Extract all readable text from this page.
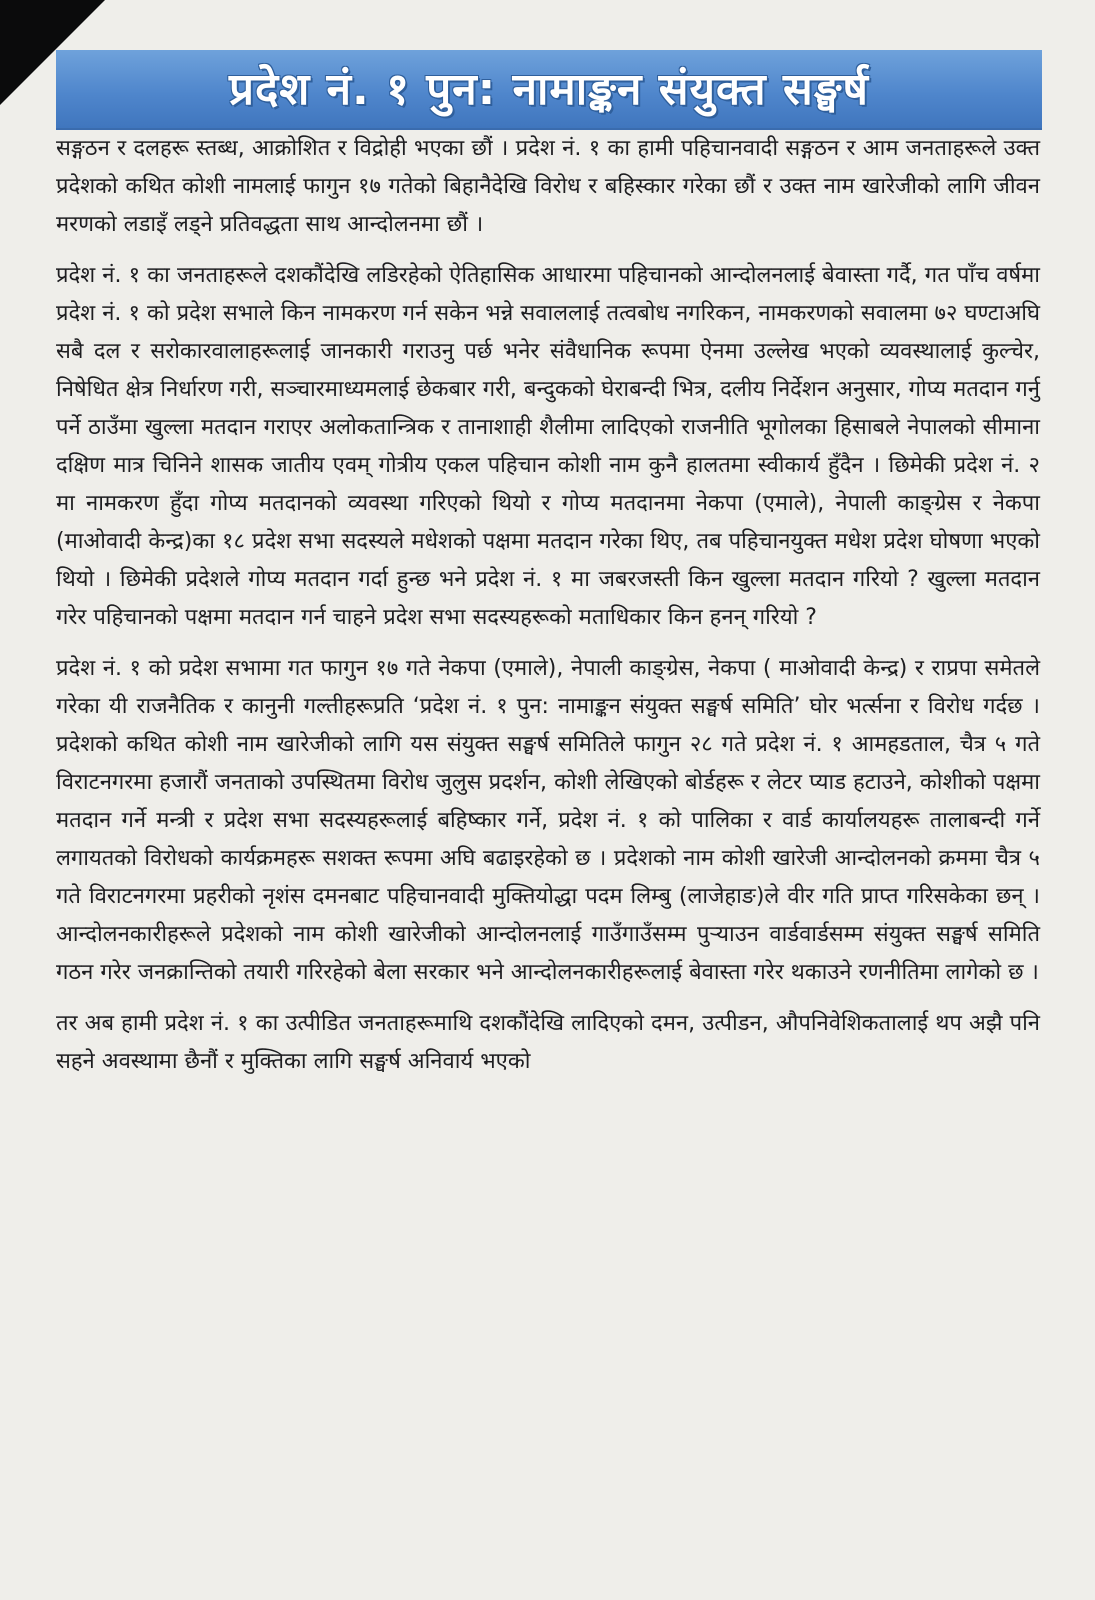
प्रदेश नं. १ पुन: नामाङ्कन संयुक्त सङ्घर्ष

सङ्गठन र दलहरू स्तब्ध, आक्रोशित र विद्रोही भएका छौं । प्रदेश नं. १ का हामी पहिचानवादी सङ्गठन र आम जनताहरूले उक्त प्रदेशको कथित कोशी नामलाई फागुन १७ गतेको बिहानैदेखि विरोध र बहिस्कार गरेका छौं र उक्त नाम खारेजीको लागि जीवन मरणको लडाइँ लड्ने प्रतिवद्धता साथ आन्दोलनमा छौं ।

प्रदेश नं. १ का जनताहरूले दशकौंदेखि लडिरहेको ऐतिहासिक आधारमा पहिचानको आन्दोलनलाई बेवास्ता गर्दै, गत पाँच वर्षमा प्रदेश नं. १ को प्रदेश सभाले किन नामकरण गर्न सकेन भन्ने सवाललाई तत्वबोध नगरिकन, नामकरणको सवालमा ७२ घण्टाअघि सबै दल र सरोकारवालाहरूलाई जानकारी गराउनु पर्छ भनेर संवैधानिक रूपमा ऐनमा उल्लेख भएको व्यवस्थालाई कुल्चेर, निषेधित क्षेत्र निर्धारण गरी, सञ्चारमाध्यमलाई छेकबार गरी, बन्दुकको घेराबन्दी भित्र, दलीय निर्देशन अनुसार, गोप्य मतदान गर्नु पर्ने ठाउँमा खुल्ला मतदान गराएर अलोकतान्त्रिक र तानाशाही शैलीमा लादिएको राजनीति भूगोलका हिसाबले नेपालको सीमाना दक्षिण मात्र चिनिने शासक जातीय एवम् गोत्रीय एकल पहिचान कोशी नाम कुनै हालतमा स्वीकार्य हुँदैन । छिमेकी प्रदेश नं. २ मा नामकरण हुँदा गोप्य मतदानको व्यवस्था गरिएको थियो र गोप्य मतदानमा नेकपा (एमाले), नेपाली काङ्ग्रेस र नेकपा (माओवादी केन्द्र)का १८ प्रदेश सभा सदस्यले मधेशको पक्षमा मतदान गरेका थिए, तब पहिचानयुक्त मधेश प्रदेश घोषणा भएको थियो । छिमेकी प्रदेशले गोप्य मतदान गर्दा हुन्छ भने प्रदेश नं. १ मा जबरजस्ती किन खुल्ला मतदान गरियो ? खुल्ला मतदान गरेर पहिचानको पक्षमा मतदान गर्न चाहने प्रदेश सभा सदस्यहरूको मताधिकार किन हनन् गरियो ?

प्रदेश नं. १ को प्रदेश सभामा गत फागुन १७ गते नेकपा (एमाले), नेपाली काङ्ग्रेस, नेकपा ( माओवादी केन्द्र) र राप्रपा समेतले गरेका यी राजनैतिक र कानुनी गल्तीहरूप्रति ‘प्रदेश नं. १ पुन: नामाङ्कन संयुक्त सङ्घर्ष समिति’ घोर भर्त्सना र विरोध गर्दछ । प्रदेशको कथित कोशी नाम खारेजीको लागि यस संयुक्त सङ्घर्ष समितिले फागुन २८ गते प्रदेश नं. १ आमहडताल, चैत्र ५ गते विराटनगरमा हजारौं जनताको उपस्थितमा विरोध जुलुस प्रदर्शन, कोशी लेखिएको बोर्डहरू र लेटर प्याड हटाउने, कोशीको पक्षमा मतदान गर्ने मन्त्री र प्रदेश सभा सदस्यहरूलाई बहिष्कार गर्ने, प्रदेश नं. १ को पालिका र वार्ड कार्यालयहरू तालाबन्दी गर्ने लगायतको विरोधको कार्यक्रमहरू सशक्त रूपमा अघि बढाइरहेको छ । प्रदेशको नाम कोशी खारेजी आन्दोलनको क्रममा चैत्र ५ गते विराटनगरमा प्रहरीको नृशंस दमनबाट पहिचानवादी मुक्तियोद्धा पदम लिम्बु (लाजेहाङ)ले वीर गति प्राप्त गरिसकेका छन् । आन्दोलनकारीहरूले प्रदेशको नाम कोशी खारेजीको आन्दोलनलाई गाउँगाउँसम्म पुर्‍याउन वार्डवार्डसम्म संयुक्त सङ्घर्ष समिति गठन गरेर जनक्रान्तिको तयारी गरिरहेको बेला सरकार भने आन्दोलनकारीहरूलाई बेवास्ता गरेर थकाउने रणनीतिमा लागेको छ ।

तर अब हामी प्रदेश नं. १ का उत्पीडित जनताहरूमाथि दशकौंदेखि लादिएको दमन, उत्पीडन, औपनिवेशिकतालाई थप अझै पनि सहने अवस्थामा छैनौं र मुक्तिका लागि सङ्घर्ष अनिवार्य भएको
